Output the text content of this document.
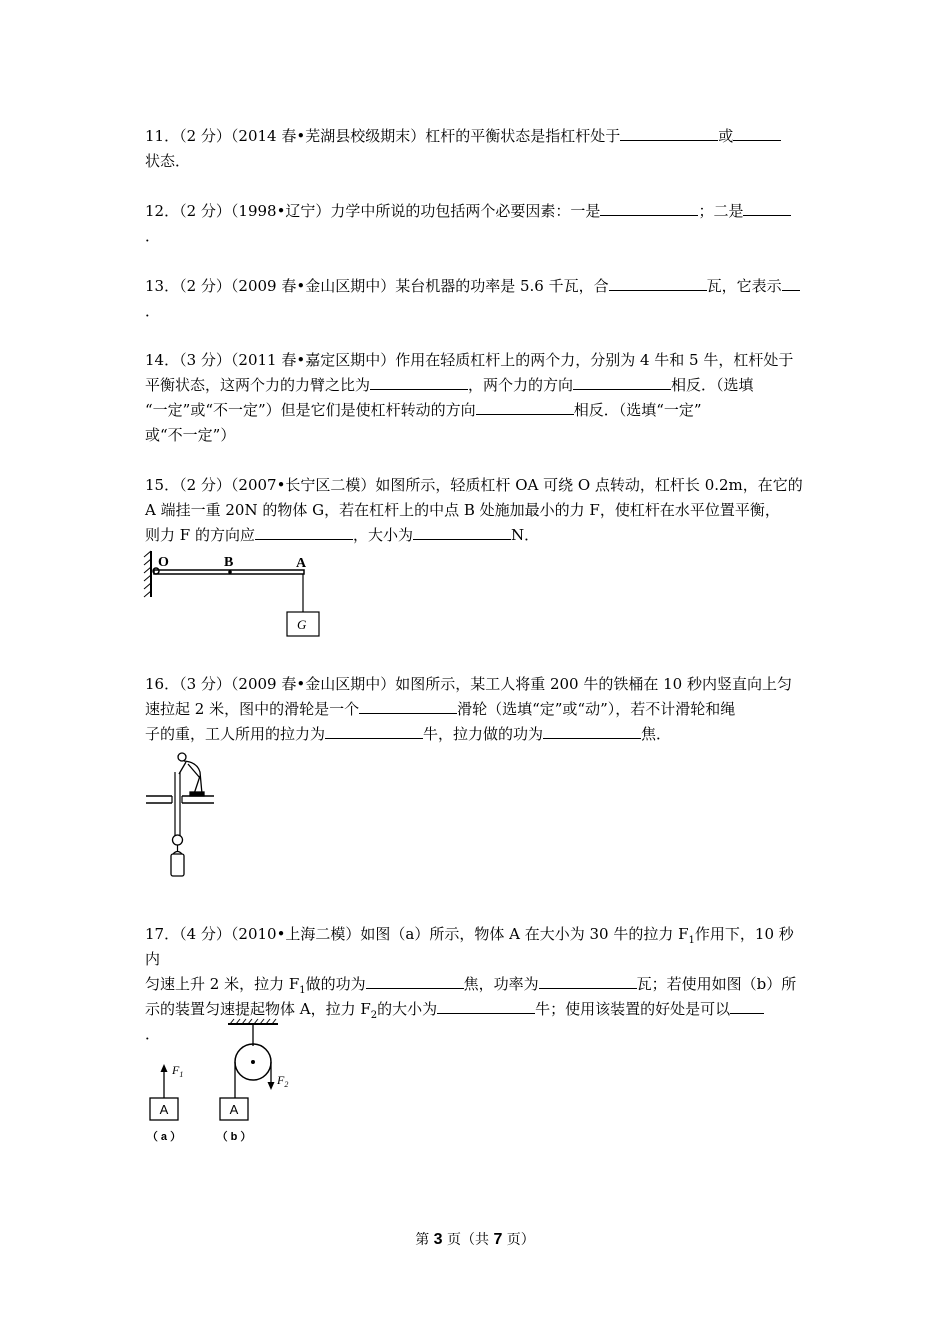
11．（2 分）（2014 春•芜湖县校级期末）杠杆的平衡状态是指杠杆处于	或
状态．
12．（2 分）（1998•辽宁）力学中所说的功包括两个必要因素：一是	；二是
．
13．（2 分）（2009 春•金山区期中）某台机器的功率是 5.6 千瓦，合	瓦，它表示
．
14．（3 分）（2011 春•嘉定区期中）作用在轻质杠杆上的两个力，分别为 4 牛和 5 牛，杠杆处于
平衡状态，这两个力的力臂之比为	，两个力的方向	相反．（选填
“一定”或“不一定”）但是它们是使杠杆转动的方向	相反．（选填“一定”
或“不一定”）
15．（2 分）（2007•长宁区二模）如图所示，轻质杠杆 OA 可绕 O 点转动，杠杆长 0.2m，在它的
A 端挂一重 20N 的物体 G，若在杠杆上的中点 B 处施加最小的力 F，使杠杆在水平位置平衡，
则力 F 的方向应	，大小为	N．
O	B	A
G
16．（3 分）（2009 春•金山区期中）如图所示，某工人将重 200 牛的铁桶在 10 秒内竖直向上匀
速拉起 2 米，图中的滑轮是一个	滑轮（选填“定”或“动”），若不计滑轮和绳
子的重，工人所用的拉力为	牛，拉力做的功为	焦．
17．（4 分）（2010•上海二模）如图（a）所示，物体 A 在大小为 30 牛的拉力 $F_1$作用下，10 秒内
匀速上升 2 米，拉力 $F_1$做的功为	焦，功率为	瓦；若使用如图（b）所
示的装置匀速提起物体 A，拉力 $F_2$的大小为	牛；使用该装置的好处是可以
．
$F_1$
A
（ a ）
$F_2$
A
（ b ）
第 3 页（共 7 页）
